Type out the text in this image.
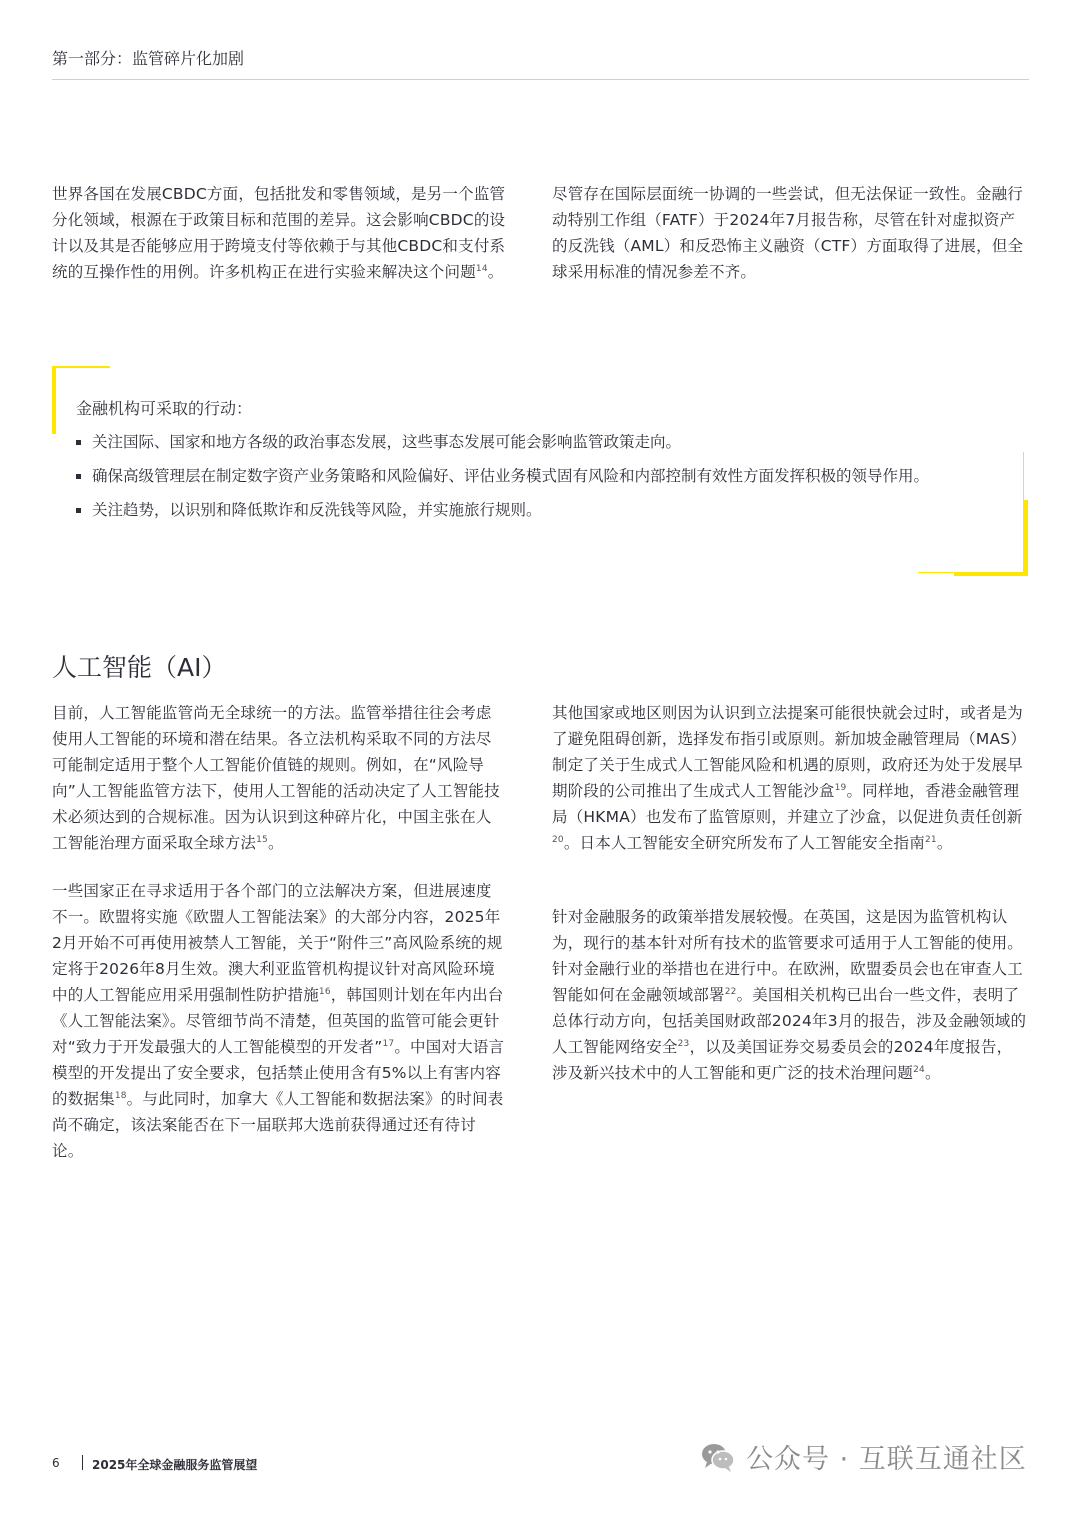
第一部分：监管碎片化加剧

世界各国在发展CBDC方面，包括批发和零售领域，是另一个监管分化领域，根源在于政策目标和范围的差异。这会影响CBDC的设计以及其是否能够应用于跨境支付等依赖于与其他CBDC和支付系统的互操作性的用例。许多机构正在进行实验来解决这个问题$^{14}$。

尽管存在国际层面统一协调的一些尝试，但无法保证一致性。金融行动特别工作组（FATF）于2024年7月报告称，尽管在针对虚拟资产的反洗钱（AML）和反恐怖主义融资（CTF）方面取得了进展，但全球采用标准的情况参差不齐。

金融机构可采取的行动：
关注国际、国家和地方各级的政治事态发展，这些事态发展可能会影响监管政策走向。
确保高级管理层在制定数字资产业务策略和风险偏好、评估业务模式固有风险和内部控制有效性方面发挥积极的领导作用。
关注趋势，以识别和降低欺诈和反洗钱等风险，并实施旅行规则。
人工智能（AI）

目前，人工智能监管尚无全球统一的方法。监管举措往往会考虑使用人工智能的环境和潜在结果。各立法机构采取不同的方法尽可能制定适用于整个人工智能价值链的规则。例如，在“风险导向”人工智能监管方法下，使用人工智能的活动决定了人工智能技术必须达到的合规标准。因为认识到这种碎片化，中国主张在人工智能治理方面采取全球方法$^{15}$。

一些国家正在寻求适用于各个部门的立法解决方案，但进展速度不一。欧盟将实施《欧盟人工智能法案》的大部分内容，2025年2月开始不可再使用被禁人工智能，关于“附件三”高风险系统的规定将于2026年8月生效。澳大利亚监管机构提议针对高风险环境中的人工智能应用采用强制性防护措施$^{16}$，韩国则计划在年内出台《人工智能法案》。尽管细节尚不清楚，但英国的监管可能会更针对“致力于开发最强大的人工智能模型的开发者”$^{17}$。中国对大语言模型的开发提出了安全要求，包括禁止使用含有5%以上有害内容的数据集$^{18}$。与此同时，加拿大《人工智能和数据法案》的时间表尚不确定，该法案能否在下一届联邦大选前获得通过还有待讨论。

其他国家或地区则因为认识到立法提案可能很快就会过时，或者是为了避免阻碍创新，选择发布指引或原则。新加坡金融管理局（MAS）制定了关于生成式人工智能风险和机遇的原则，政府还为处于发展早期阶段的公司推出了生成式人工智能沙盒$^{19}$。同样地，香港金融管理局（HKMA）也发布了监管原则，并建立了沙盒，以促进负责任创新$^{20}$。日本人工智能安全研究所发布了人工智能安全指南$^{21}$。

针对金融服务的政策举措发展较慢。在英国，这是因为监管机构认为，现行的基本针对所有技术的监管要求可适用于人工智能的使用。针对金融行业的举措也在进行中。在欧洲，欧盟委员会也在审查人工智能如何在金融领域部署$^{22}$。美国相关机构已出台一些文件，表明了总体行动方向，包括美国财政部2024年3月的报告，涉及金融领域的人工智能网络安全$^{23}$，以及美国证券交易委员会的2024年度报告，涉及新兴技术中的人工智能和更广泛的技术治理问题$^{24}$。

6	2025年全球金融服务监管展望	公众号 · 互联互通社区
